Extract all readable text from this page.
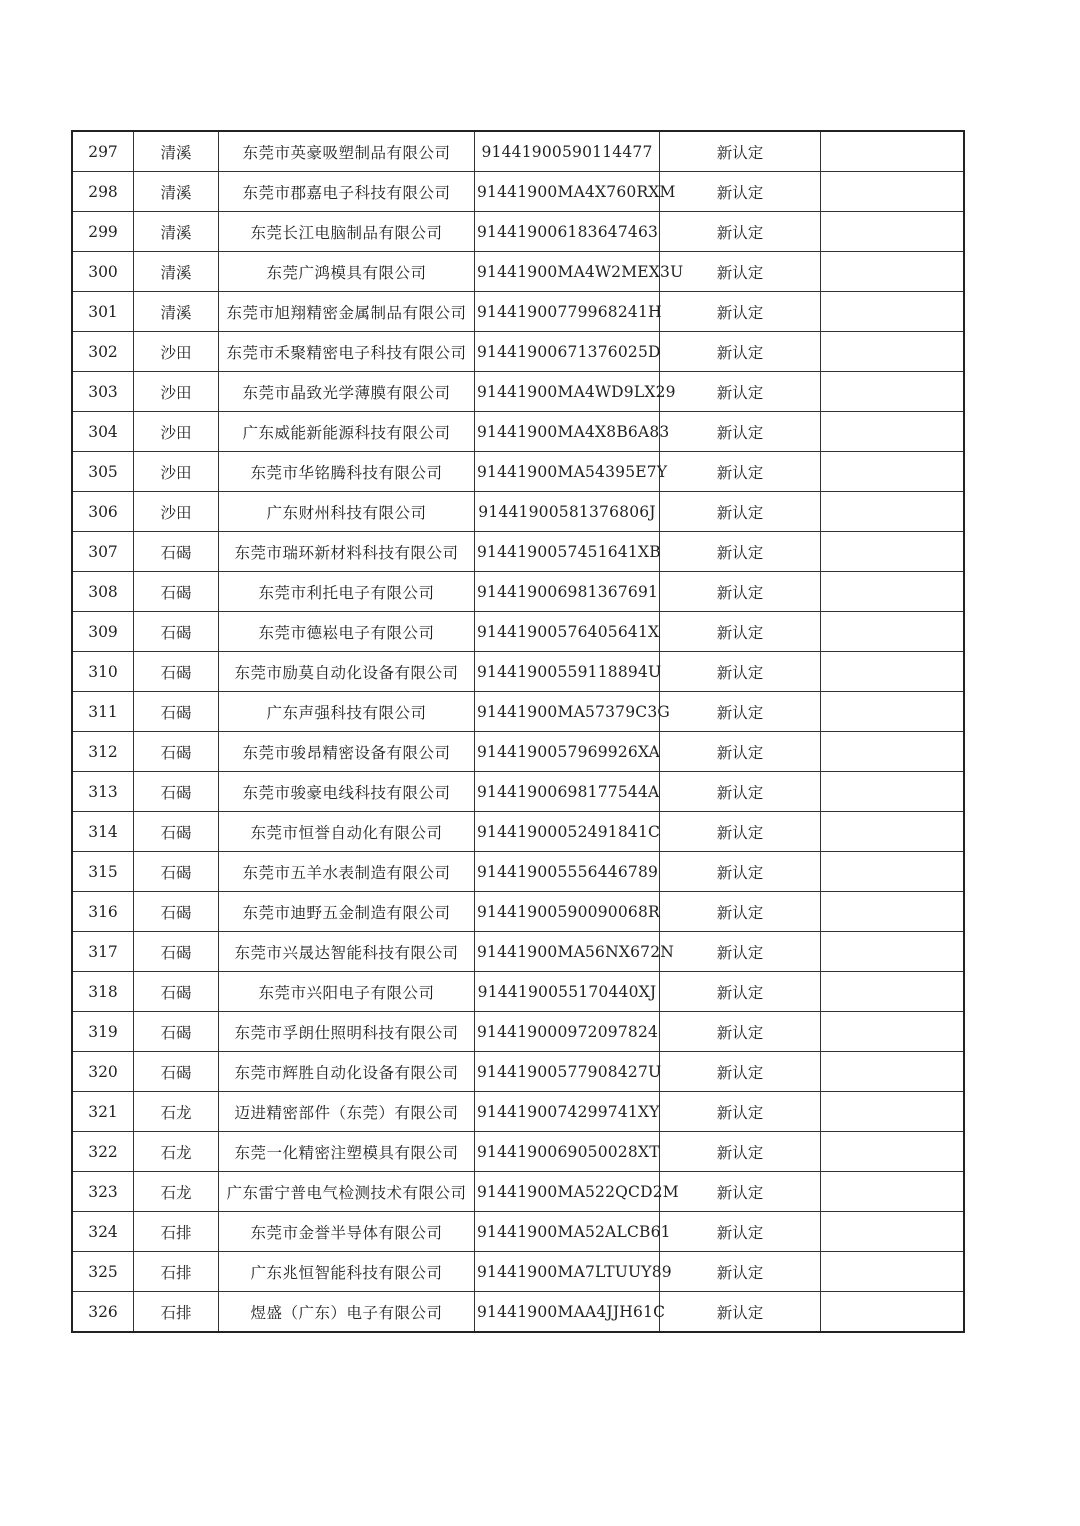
297	清溪	东莞市英豪吸塑制品有限公司	91441900590114477	新认定	
298	清溪	东莞市郡嘉电子科技有限公司	91441900MA4X760RXM	新认定	
299	清溪	东莞长江电脑制品有限公司	914419006183647463	新认定	
300	清溪	东莞广鸿模具有限公司	91441900MA4W2MEX3U	新认定	
301	清溪	东莞市旭翔精密金属制品有限公司	91441900779968241H	新认定	
302	沙田	东莞市禾聚精密电子科技有限公司	91441900671376025D	新认定	
303	沙田	东莞市晶致光学薄膜有限公司	91441900MA4WD9LX29	新认定	
304	沙田	广东威能新能源科技有限公司	91441900MA4X8B6A83	新认定	
305	沙田	东莞市华铭腾科技有限公司	91441900MA54395E7Y	新认定	
306	沙田	广东财州科技有限公司	91441900581376806J	新认定	
307	石碣	东莞市瑞环新材料科技有限公司	9144190057451641XB	新认定	
308	石碣	东莞市利托电子有限公司	914419006981367691	新认定	
309	石碣	东莞市德崧电子有限公司	91441900576405641X	新认定	
310	石碣	东莞市励莫自动化设备有限公司	91441900559118894U	新认定	
311	石碣	广东声强科技有限公司	91441900MA57379C3G	新认定	
312	石碣	东莞市骏昂精密设备有限公司	9144190057969926XA	新认定	
313	石碣	东莞市骏豪电线科技有限公司	91441900698177544A	新认定	
314	石碣	东莞市恒誉自动化有限公司	91441900052491841C	新认定	
315	石碣	东莞市五羊水表制造有限公司	914419005556446789	新认定	
316	石碣	东莞市迪野五金制造有限公司	91441900590090068R	新认定	
317	石碣	东莞市兴晟达智能科技有限公司	91441900MA56NX672N	新认定	
318	石碣	东莞市兴阳电子有限公司	9144190055170440XJ	新认定	
319	石碣	东莞市孚朗仕照明科技有限公司	914419000972097824	新认定	
320	石碣	东莞市辉胜自动化设备有限公司	91441900577908427U	新认定	
321	石龙	迈进精密部件（东莞）有限公司	9144190074299741XY	新认定	
322	石龙	东莞一化精密注塑模具有限公司	9144190069050028XT	新认定	
323	石龙	广东雷宁普电气检测技术有限公司	91441900MA522QCD2M	新认定	
324	石排	东莞市金誉半导体有限公司	91441900MA52ALCB61	新认定	
325	石排	广东兆恒智能科技有限公司	91441900MA7LTUUY89	新认定	
326	石排	煜盛（广东）电子有限公司	91441900MAA4JJH61C	新认定	
